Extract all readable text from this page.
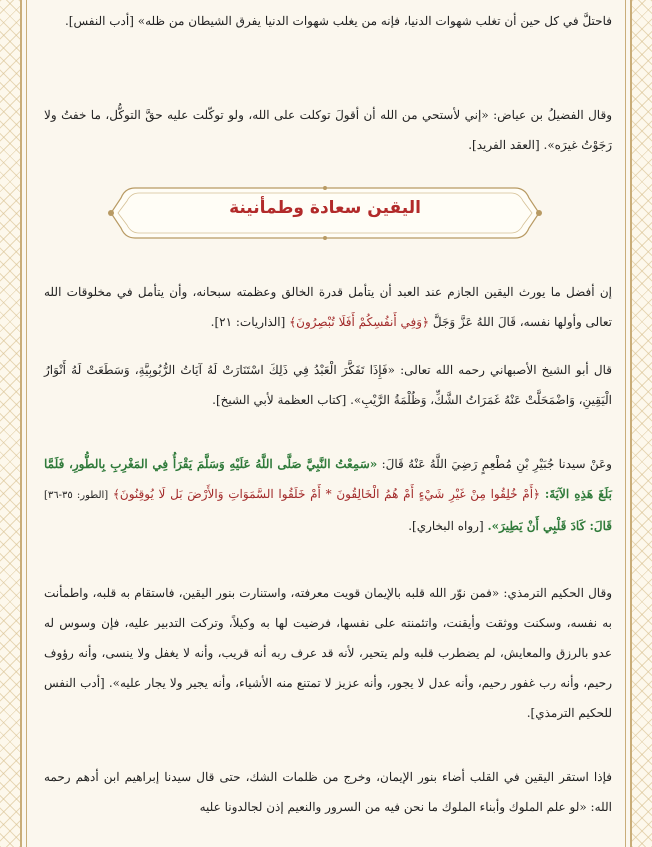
فاحتلَّ في كل حين أن تغلب شهوات الدنيا، فإنه من يغلب شهوات الدنيا يفرق الشيطان من ظله» [أدب النفس].

وقال الفضيلُ بن عياض: «إني لأستحي من الله أن أقولَ توكلت على الله، ولو توكّلت عليه حقَّ التوكُّل، ما خفتُ ولا رَجَوْتُ غيرَه». [العقد الفريد].

إن أفضل ما يورث اليقين الجازم عند العبد أن يتأمل قدرة الخالق وعظمته سبحانه، وأن يتأمل في مخلوقات الله تعالى وأولها نفسه، قَالَ اللهُ عَزَّ وَجَلَّ ﴿وَفِي أَنفُسِكُمْ أَفَلَا تُبْصِرُونَ﴾ [الذاريات: ٢١].

قال أبو الشيخ الأصبهاني رحمه الله تعالى: «فَإِذَا تَفَكَّرَ الْعَبْدُ فِي ذَلِكَ اسْتَنَارَتْ لَهُ آيَاتُ الرُّبُوبِيَّةِ، وَسَطَعَتْ لَهُ أَنْوَارُ الْيَقِينِ، وَاضْمَحَلَّتْ عَنْهُ غَمَرَاتُ الشَّكِّ، وَظُلْمَةُ الرَّيْبِ». [كتاب العظمة لأبي الشيخ].

وعَنْ سيدنا جُبَيْرِ بْنِ مُطْعِمٍ رَضِيَ اللَّهُ عَنْهُ قَالَ: «سَمِعْتُ النَّبِيَّ صَلَّى اللَّهُ عَلَيْهِ وَسَلَّمَ يَقْرَأُ فِي المَغْرِبِ بِالطُّورِ، فَلَمَّا بَلَغَ هَذِهِ الآيَةَ: ﴿أَمْ خُلِقُوا مِنْ غَيْرِ شَيْءٍ أَمْ هُمُ الْخَالِقُونَ * أَمْ خَلَقُوا السَّمَوَاتِ وَالأَرْضَ بَل لَا يُوقِنُونَ﴾ [الطور: ٣٥-٣٦] قَالَ: كَادَ قَلْبِي أَنْ يَطِيرَ». [رواه البخاري].

وقال الحكيم الترمذي: «فمن نوّر الله قلبه بالإيمان قويت معرفته، واستنارت بنور اليقين، فاستقام به قلبه، واطمأنت به نفسه، وسكنت ووثقت وأيقنت، واتئمنته على نفسها، فرضيت لها به وكيلاً، وتركت التدبير عليه، فإن وسوس له عدو بالرزق والمعايش، لم يضطرب قلبه ولم يتحير، لأنه قد عرف ربه أنه قريب، وأنه لا يغفل ولا ينسى، وأنه رؤوف رحيم، وأنه رب غفور رحيم، وأنه عدل لا يجور، وأنه عزيز لا تمتنع منه الأشياء، وأنه يجير ولا يجار عليه». [أدب النفس للحكيم الترمذي].

فإذا استقر اليقين في القلب أضاء بنور الإيمان، وخرج من ظلمات الشك، حتى قال سيدنا إبراهيم ابن أدهم رحمه الله: «لو علم الملوك وأبناء الملوك ما نحن فيه من السرور والنعيم إذن لجالدونا عليه

اليقين سعادة وطمأنينة
